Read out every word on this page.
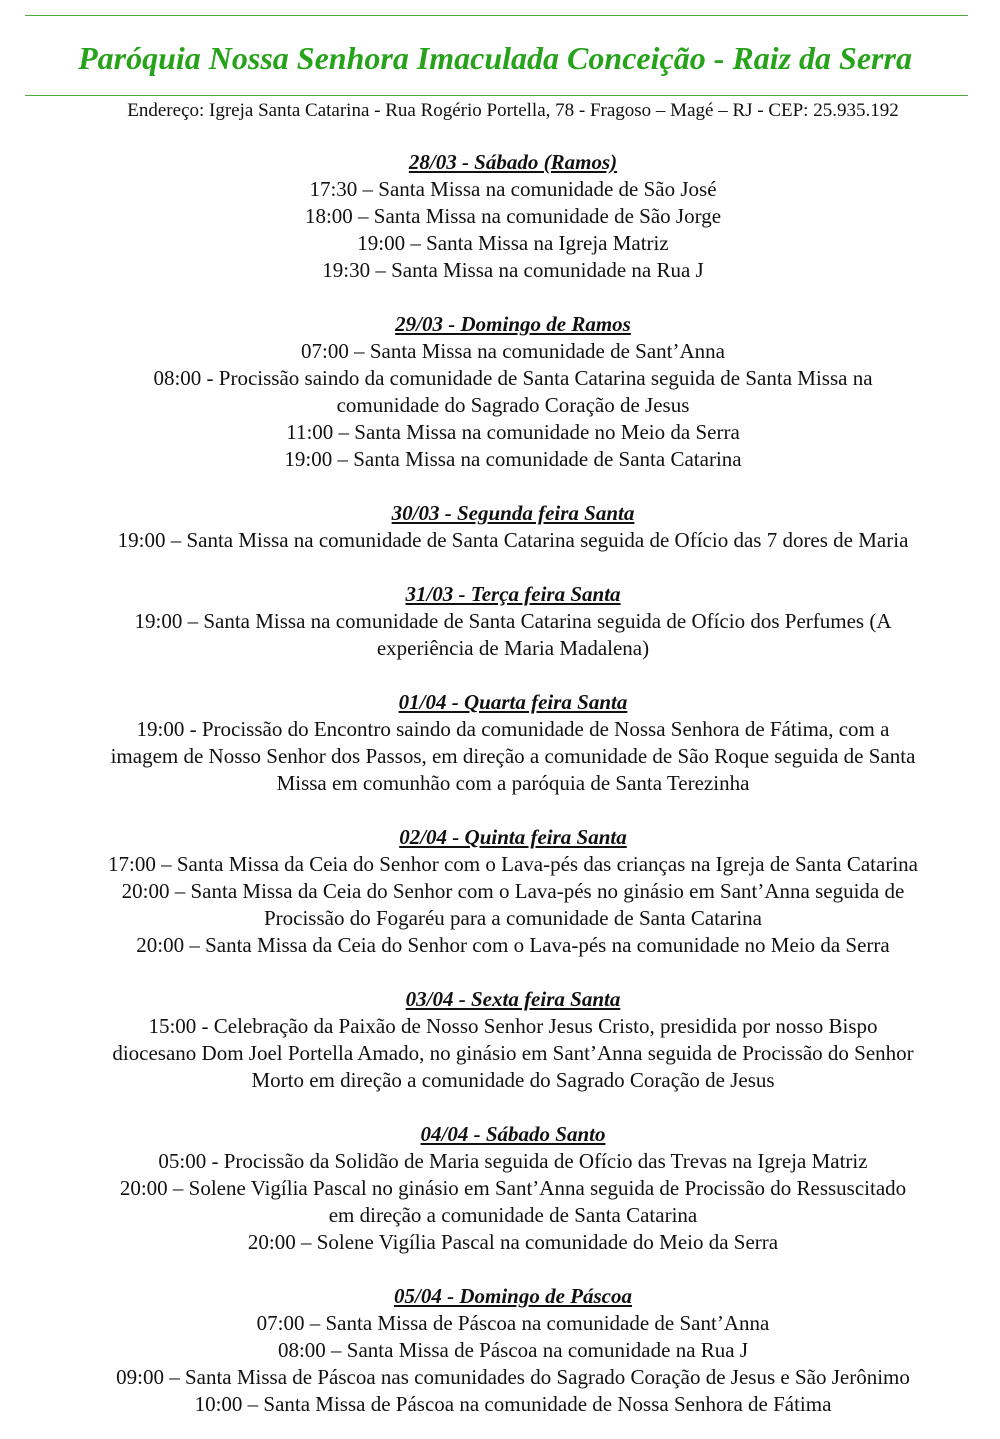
Paróquia Nossa Senhora Imaculada Conceição - Raiz da Serra
Endereço: Igreja Santa Catarina - Rua Rogério Portella, 78 - Fragoso – Magé – RJ - CEP: 25.935.192
28/03 - Sábado (Ramos)
17:30 – Santa Missa na comunidade de São José
18:00 – Santa Missa na comunidade de São Jorge
19:00 – Santa Missa na Igreja Matriz
19:30 – Santa Missa na comunidade na Rua J
29/03 - Domingo de Ramos
07:00 – Santa Missa na comunidade de Sant’Anna
08:00 - Procissão saindo da comunidade de Santa Catarina seguida de Santa Missa na
comunidade do Sagrado Coração de Jesus
11:00 – Santa Missa na comunidade no Meio da Serra
19:00 – Santa Missa na comunidade de Santa Catarina
30/03 - Segunda feira Santa
19:00 – Santa Missa na comunidade de Santa Catarina seguida de Ofício das 7 dores de Maria
31/03 - Terça feira Santa
19:00 – Santa Missa na comunidade de Santa Catarina seguida de Ofício dos Perfumes (A
experiência de Maria Madalena)
01/04 - Quarta feira Santa
19:00 - Procissão do Encontro saindo da comunidade de Nossa Senhora de Fátima, com a
imagem de Nosso Senhor dos Passos, em direção a comunidade de São Roque seguida de Santa
Missa em comunhão com a paróquia de Santa Terezinha
02/04 - Quinta feira Santa
17:00 – Santa Missa da Ceia do Senhor com o Lava-pés das crianças na Igreja de Santa Catarina
20:00 – Santa Missa da Ceia do Senhor com o Lava-pés no ginásio em Sant’Anna seguida de
Procissão do Fogaréu para a comunidade de Santa Catarina
20:00 – Santa Missa da Ceia do Senhor com o Lava-pés na comunidade no Meio da Serra
03/04 - Sexta feira Santa
15:00 - Celebração da Paixão de Nosso Senhor Jesus Cristo, presidida por nosso Bispo
diocesano Dom Joel Portella Amado, no ginásio em Sant’Anna seguida de Procissão do Senhor
Morto em direção a comunidade do Sagrado Coração de Jesus
04/04 - Sábado Santo
05:00 - Procissão da Solidão de Maria seguida de Ofício das Trevas na Igreja Matriz
20:00 – Solene Vigília Pascal no ginásio em Sant’Anna seguida de Procissão do Ressuscitado
em direção a comunidade de Santa Catarina
20:00 – Solene Vigília Pascal na comunidade do Meio da Serra
05/04 - Domingo de Páscoa
07:00 – Santa Missa de Páscoa na comunidade de Sant’Anna
08:00 – Santa Missa de Páscoa na comunidade na Rua J
09:00 – Santa Missa de Páscoa nas comunidades do Sagrado Coração de Jesus e São Jerônimo
10:00 – Santa Missa de Páscoa na comunidade de Nossa Senhora de Fátima
